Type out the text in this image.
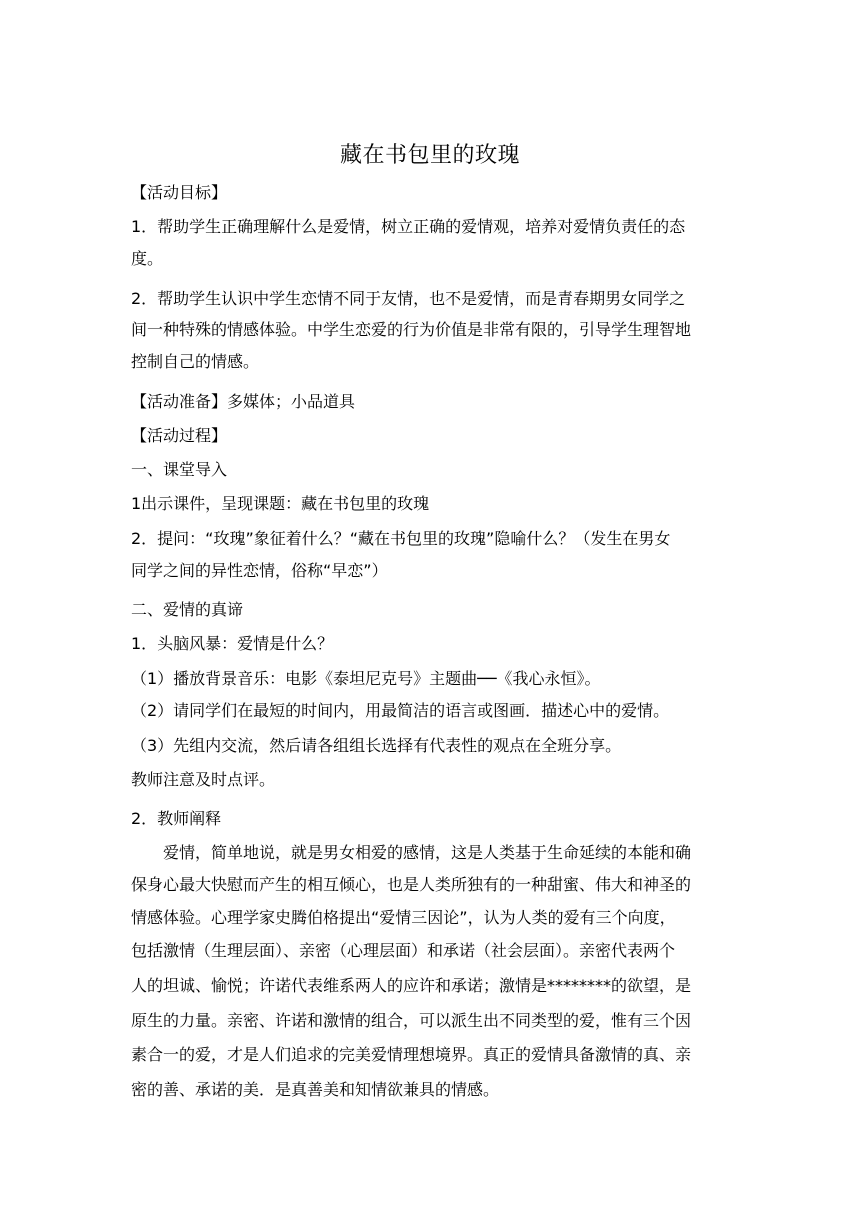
藏在书包里的玫瑰
【活动目标】
1．帮助学生正确理解什么是爱情，树立正确的爱情观，培养对爱情负责任的态
度。
2．帮助学生认识中学生恋情不同于友情，也不是爱情，而是青春期男女同学之
间一种特殊的情感体验。中学生恋爱的行为价值是非常有限的，引导学生理智地
控制自己的情感。
【活动准备】多媒体；小品道具
【活动过程】
一、课堂导入
1出示课件，呈现课题：藏在书包里的玫瑰
2．提问：“玫瑰”象征着什么？“藏在书包里的玫瑰”隐喻什么？（发生在男女
同学之间的异性恋情，俗称“早恋”）
二、爱情的真谛
1．头脑风暴：爱情是什么？
（1）播放背景音乐：电影《泰坦尼克号》主题曲──《我心永恒》。
（2）请同学们在最短的时间内，用最简洁的语言或图画．描述心中的爱情。
（3）先组内交流，然后请各组组长选择有代表性的观点在全班分享。
教师注意及时点评。
2．教师阐释
爱情，简单地说，就是男女相爱的感情，这是人类基于生命延续的本能和确
保身心最大快慰而产生的相互倾心，也是人类所独有的一种甜蜜、伟大和神圣的
情感体验。心理学家史腾伯格提出“爱情三因论”，认为人类的爱有三个向度，
包括激情（生理层面）、亲密（心理层面）和承诺（社会层面）。亲密代表两个
人的坦诚、愉悦；许诺代表维系两人的应许和承诺；激情是********的欲望，是
原生的力量。亲密、许诺和激情的组合，可以派生出不同类型的爱，惟有三个因
素合一的爱，才是人们追求的完美爱情理想境界。真正的爱情具备激情的真、亲
密的善、承诺的美．是真善美和知情欲兼具的情感。
